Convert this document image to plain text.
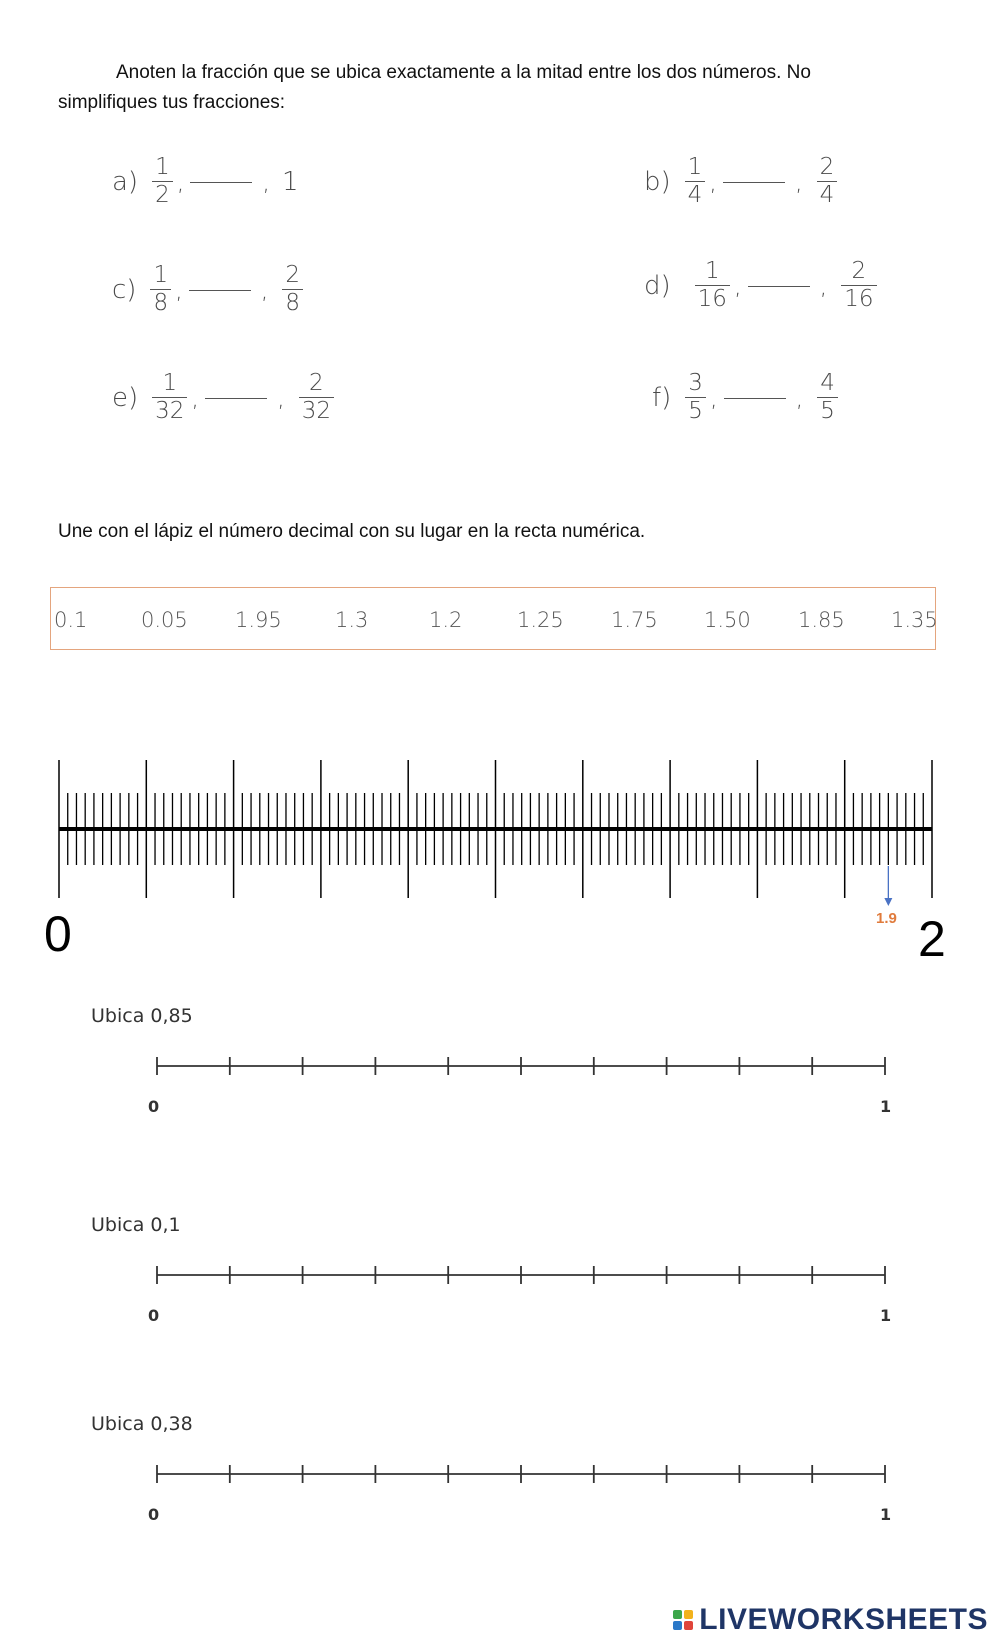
Anoten la fracción que se ubica exactamente a la mitad entre los dos números. No simplifiques tus fracciones:

$a) \frac{1}{2}$ ,	, 1	$b) \frac{1}{4}$ ,	, $\frac{2}{4}$
$c) \frac{1}{8}$ ,	, $\frac{2}{8}$	$d) \frac{1}{16}$ ,	, $\frac{2}{16}$
$e) \frac{1}{32}$ ,	, $\frac{2}{32}$	$f) \frac{3}{5}$ ,	, $\frac{4}{5}$

Une con el lápiz el número decimal con su lugar en la recta numérica.

0.1	0.05 1.95	1.3	1.2	1.25 1.75 1.50 1.85 1.35
0	2
1.9
Ubica 0,85
0	1
Ubica 0,1
0	1
Ubica 0,38
0	1
LIVEWORKSHEETS
